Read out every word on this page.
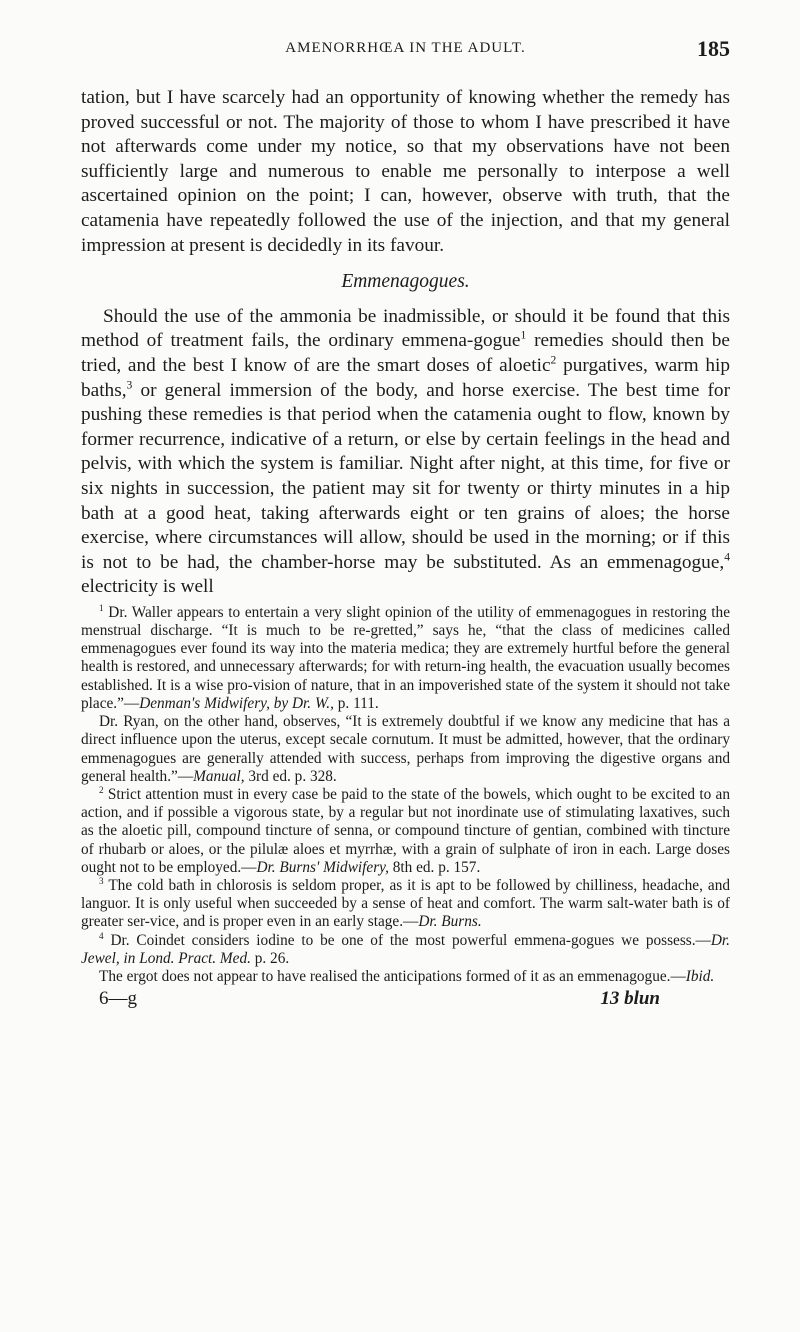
AMENORRHŒA IN THE ADULT.	185

tation, but I have scarcely had an opportunity of knowing whether the remedy has proved successful or not. The majority of those to whom I have prescribed it have not afterwards come under my notice, so that my observations have not been sufficiently large and numerous to enable me personally to interpose a well ascertained opinion on the point; I can, however, observe with truth, that the catamenia have repeatedly followed the use of the injection, and that my general impression at present is decidedly in its favour.

Emmenagogues.

Should the use of the ammonia be inadmissible, or should it be found that this method of treatment fails, the ordinary emmena-gogue$^1$ remedies should then be tried, and the best I know of are the smart doses of aloetic$^2$ purgatives, warm hip baths,$^3$ or general immersion of the body, and horse exercise. The best time for pushing these remedies is that period when the catamenia ought to flow, known by former recurrence, indicative of a return, or else by certain feelings in the head and pelvis, with which the system is familiar. Night after night, at this time, for five or six nights in succession, the patient may sit for twenty or thirty minutes in a hip bath at a good heat, taking afterwards eight or ten grains of aloes; the horse exercise, where circumstances will allow, should be used in the morning; or if this is not to be had, the chamber-horse may be substituted. As an emmenagogue,$^4$ electricity is well

$^1$ Dr. Waller appears to entertain a very slight opinion of the utility of emmenagogues in restoring the menstrual discharge. “It is much to be re-gretted,” says he, “that the class of medicines called emmenagogues ever found its way into the materia medica; they are extremely hurtful before the general health is restored, and unnecessary afterwards; for with return-ing health, the evacuation usually becomes established. It is a wise pro-vision of nature, that in an impoverished state of the system it should not take place.”—Denman's Midwifery, by Dr. W., p. 111.

Dr. Ryan, on the other hand, observes, “It is extremely doubtful if we know any medicine that has a direct influence upon the uterus, except secale cornutum. It must be admitted, however, that the ordinary emmenagogues are generally attended with success, perhaps from improving the digestive organs and general health.”—Manual, 3rd ed. p. 328.

$^2$ Strict attention must in every case be paid to the state of the bowels, which ought to be excited to an action, and if possible a vigorous state, by a regular but not inordinate use of stimulating laxatives, such as the aloetic pill, compound tincture of senna, or compound tincture of gentian, combined with tincture of rhubarb or aloes, or the pilulæ aloes et myrrhæ, with a grain of sulphate of iron in each. Large doses ought not to be employed.—Dr. Burns' Midwifery, 8th ed. p. 157.

$^3$ The cold bath in chlorosis is seldom proper, as it is apt to be followed by chilliness, headache, and languor. It is only useful when succeeded by a sense of heat and comfort. The warm salt-water bath is of greater ser-vice, and is proper even in an early stage.—Dr. Burns.

$^4$ Dr. Coindet considers iodine to be one of the most powerful emmena-gogues we possess.—Dr. Jewel, in Lond. Pract. Med. p. 26.

The ergot does not appear to have realised the anticipations formed of it as an emmenagogue.—Ibid.

6—g	13 blun
